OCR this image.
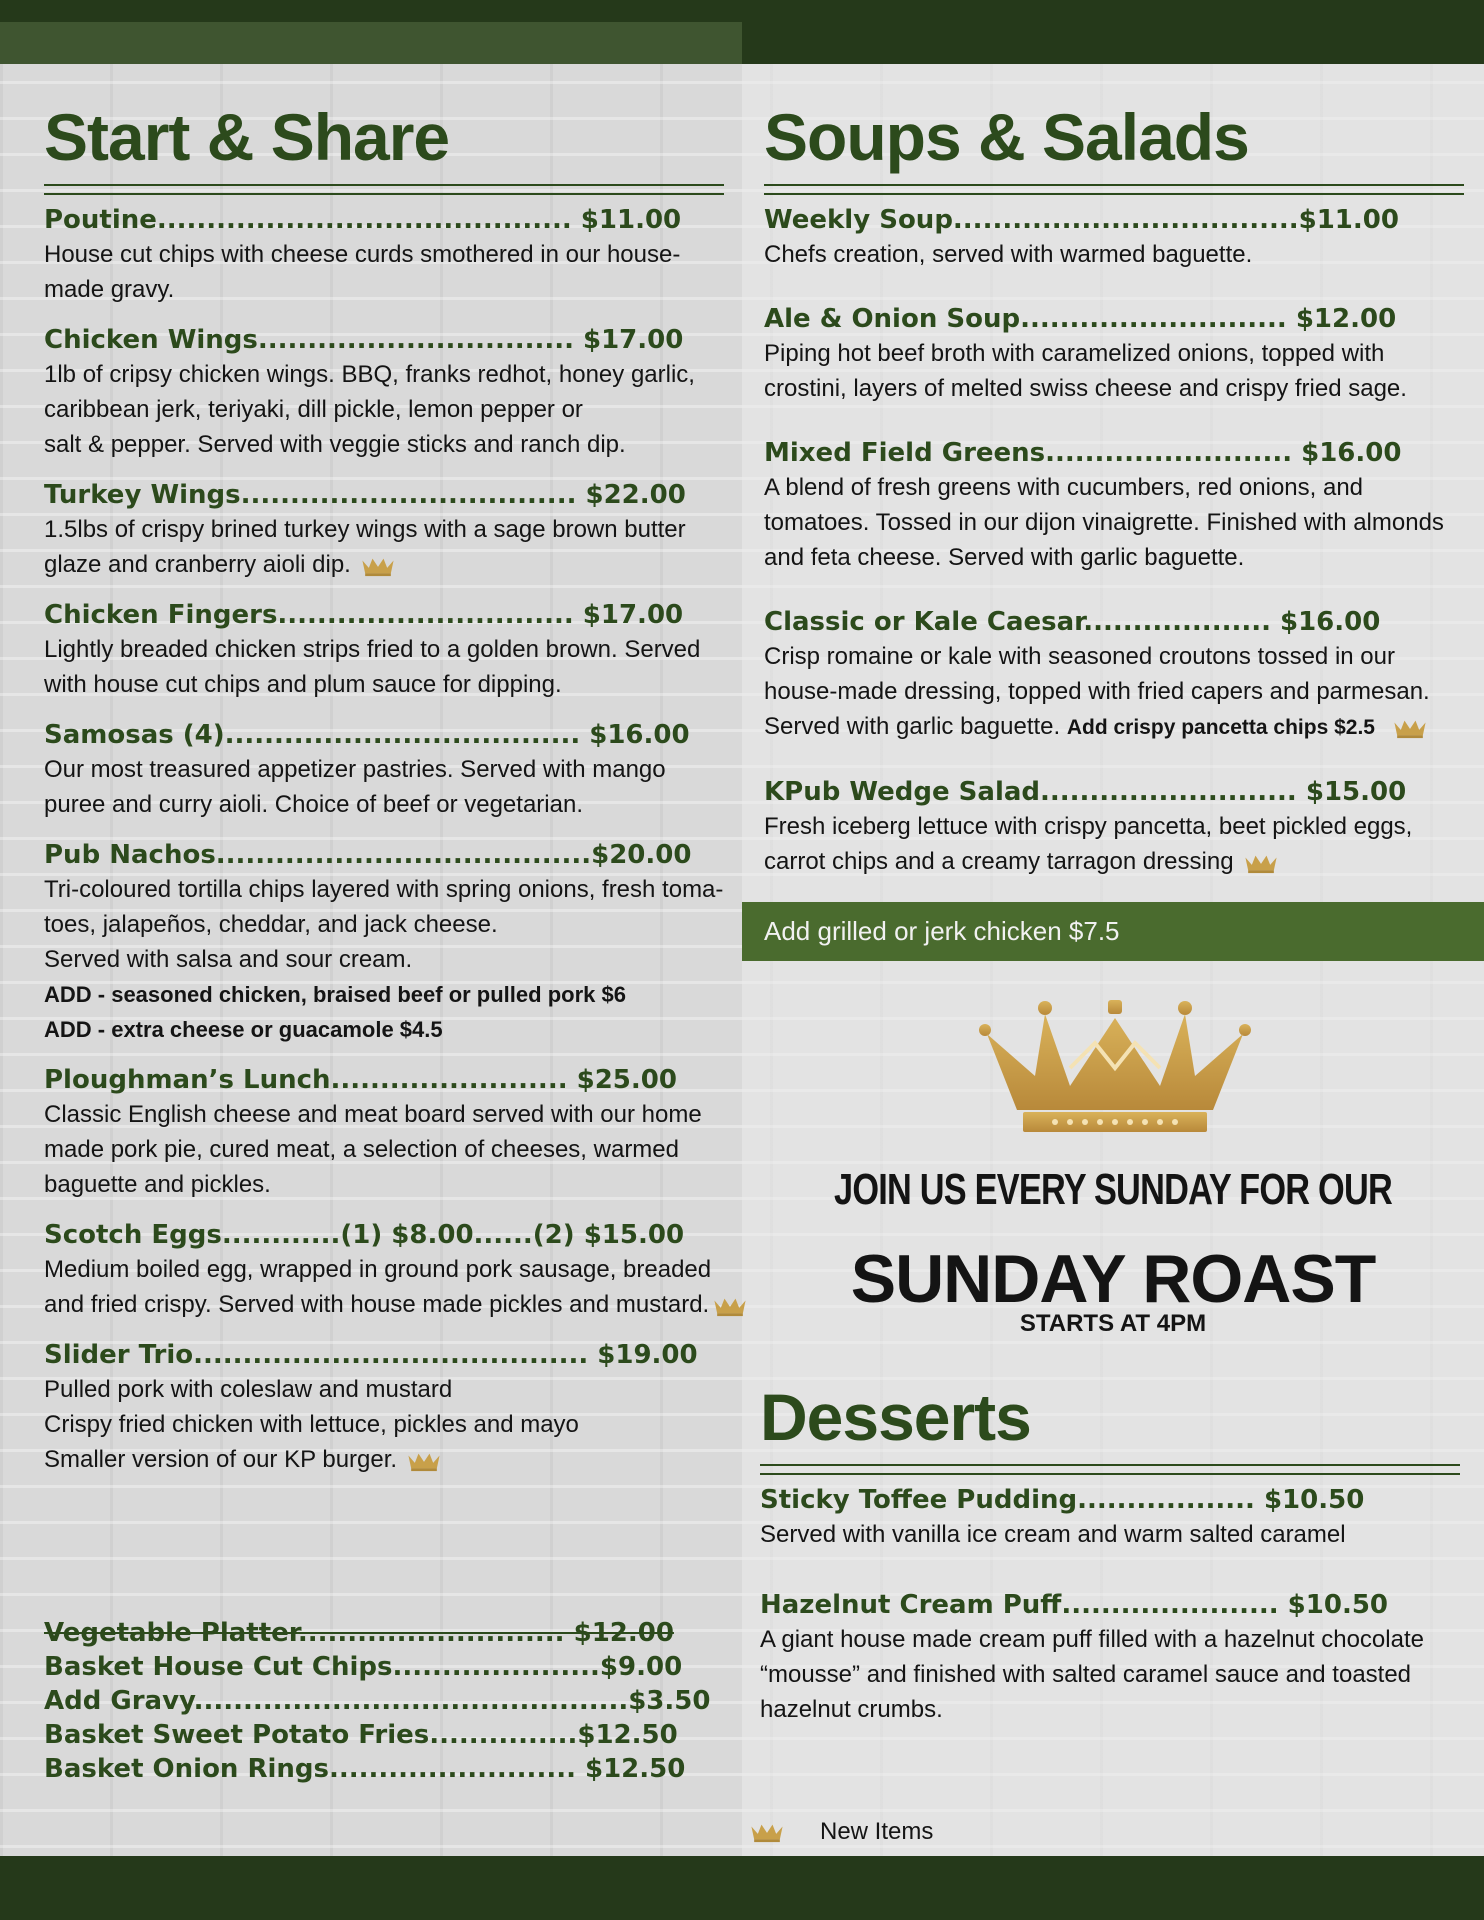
Start & Share
Poutine.......................................... $11.00
House cut chips with cheese curds smothered in our house-
made gravy.
Chicken Wings................................ $17.00
1lb of cripsy chicken wings. BBQ, franks redhot, honey garlic,
caribbean jerk, teriyaki, dill pickle, lemon pepper or
salt & pepper. Served with veggie sticks and ranch dip.
Turkey Wings.................................. $22.00
1.5lbs of crispy brined turkey wings with a sage brown butter
glaze and cranberry aioli dip.
Chicken Fingers.............................. $17.00
Lightly breaded chicken strips fried to a golden brown. Served
with house cut chips and plum sauce for dipping.
Samosas (4).................................... $16.00
Our most treasured appetizer pastries. Served with mango
puree and curry aioli. Choice of beef or vegetarian.
Pub Nachos......................................$20.00
Tri-coloured tortilla chips layered with spring onions, fresh toma-
toes, jalapeños, cheddar, and jack cheese.
Served with salsa and sour cream.
ADD - seasoned chicken, braised beef or pulled pork $6
ADD - extra cheese or guacamole $4.5
Ploughman’s Lunch........................ $25.00
Classic English cheese and meat board served with our home
made pork pie, cured meat, a selection of cheeses, warmed
baguette and pickles.
Scotch Eggs............(1) $8.00......(2) $15.00
Medium boiled egg, wrapped in ground pork sausage, breaded
and fried crispy. Served with house made pickles and mustard.
Slider Trio........................................ $19.00
Pulled pork with coleslaw and mustard
Crispy fried chicken with lettuce, pickles and mayo
Smaller version of our KP burger.
Vegetable Platter........................... $12.00
Basket House Cut Chips.....................$9.00
Add Gravy............................................$3.50
Basket Sweet Potato Fries...............$12.50
Basket Onion Rings......................... $12.50
Soups & Salads
Weekly Soup...................................$11.00
Chefs creation, served with warmed baguette.
Ale & Onion Soup........................... $12.00
Piping hot beef broth with caramelized onions, topped with
crostini, layers of melted swiss cheese and crispy fried sage.
Mixed Field Greens......................... $16.00
A blend of fresh greens with cucumbers, red onions, and
tomatoes. Tossed in our dijon vinaigrette. Finished with almonds
and feta cheese. Served with garlic baguette.
Classic or Kale Caesar................... $16.00
Crisp romaine or kale with seasoned croutons tossed in our
house-made dressing, topped with fried capers and parmesan.
Served with garlic baguette. Add crispy pancetta chips $2.5
KPub Wedge Salad.......................... $15.00
Fresh iceberg lettuce with crispy pancetta, beet pickled eggs,
carrot chips and a creamy tarragon dressing
Add grilled or jerk chicken $7.5
JOIN US EVERY SUNDAY FOR OUR
SUNDAY ROAST
STARTS AT 4PM
Desserts
Sticky Toffee Pudding.................. $10.50
Served with vanilla ice cream and warm salted caramel
Hazelnut Cream Puff...................... $10.50
A giant house made cream puff filled with a hazelnut chocolate
“mousse” and finished with salted caramel sauce and toasted
hazelnut crumbs.
New Items
